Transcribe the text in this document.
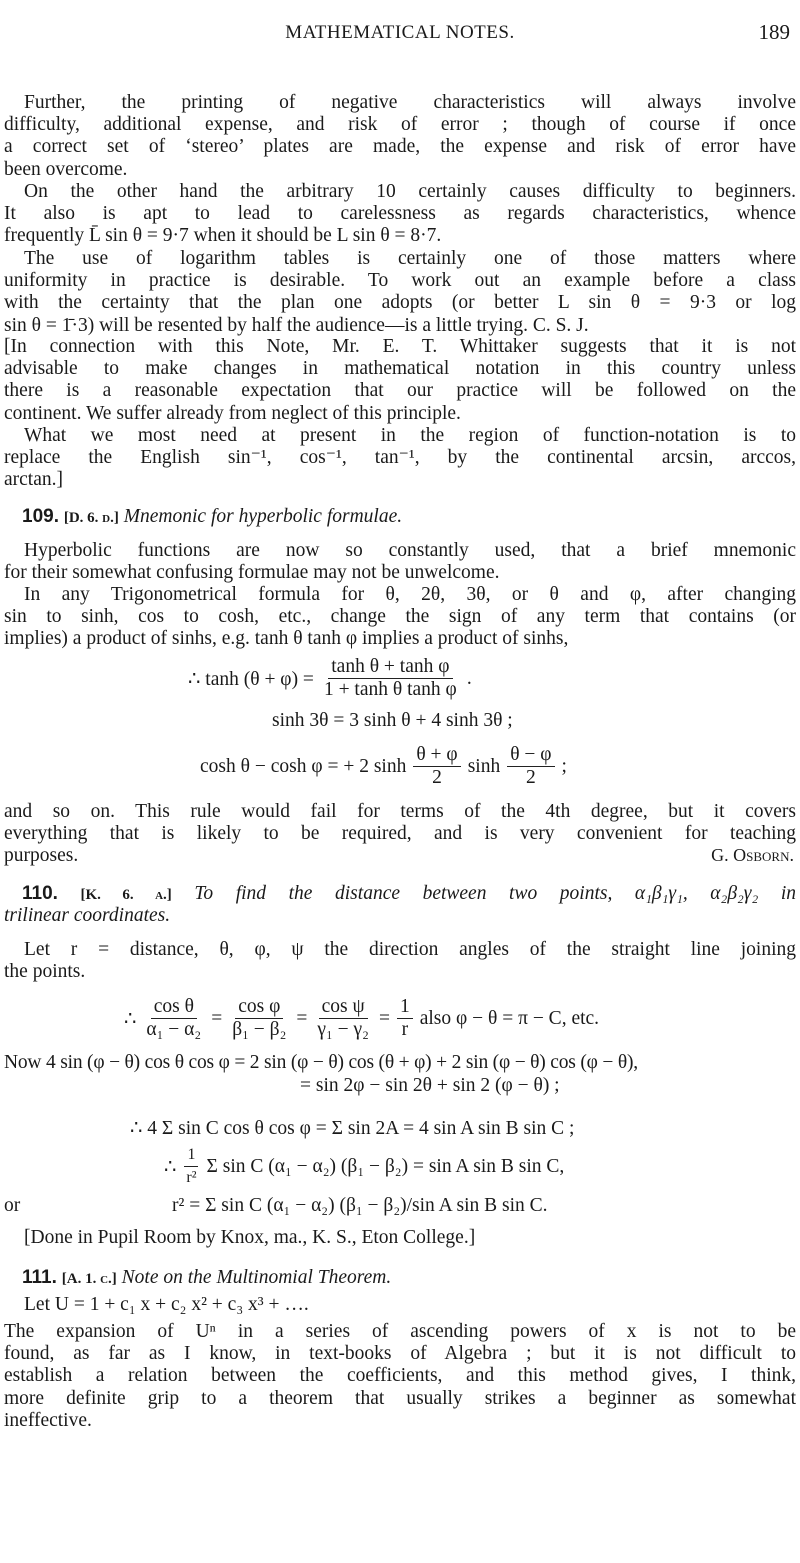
MATHEMATICAL NOTES.	189
Further, the printing of negative characteristics will always involve
difficulty, additional expense, and risk of error ; though of course if once
a correct set of ‘stereo’ plates are made, the expense and risk of error have
been overcome.
On the other hand the arbitrary 10 certainly causes difficulty to beginners.
It also is apt to lead to carelessness as regards characteristics, whence
frequently L̄ sin θ = 9·7 when it should be L sin θ = 8·7.
The use of logarithm tables is certainly one of those matters where
uniformity in practice is desirable. To work out an example before a class
with the certainty that the plan one adopts (or better L sin θ = 9·3 or log
sin θ = 1̄·3) will be resented by half the audience—is a little trying. C. S. J.
[In connection with this Note, Mr. E. T. Whittaker suggests that it is not
advisable to make changes in mathematical notation in this country unless
there is a reasonable expectation that our practice will be followed on the
continent. We suffer already from neglect of this principle.
What we most need at present in the region of function-notation is to
replace the English sin⁻¹, cos⁻¹, tan⁻¹, by the continental arcsin, arccos,
arctan.]
Hyperbolic functions are now so constantly used, that a brief mnemonic
for their somewhat confusing formulae may not be unwelcome.
In any Trigonometrical formula for θ, 2θ, 3θ, or θ and φ, after changing
sin to sinh, cos to cosh, etc., change the sign of any term that contains (or
implies) a product of sinhs, e.g. tanh θ tanh φ implies a product of sinhs,
and so on. This rule would fail for terms of the 4th degree, but it covers
everything that is likely to be required, and is very convenient for teaching
purposes.
Let r = distance, θ, φ, ψ the direction angles of the straight line joining
the points.
The expansion of Uⁿ in a series of ascending powers of x is not to be
found, as far as I know, in text-books of Algebra ; but it is not difficult to
establish a relation between the coefficients, and this method gives, I think,
more definite grip to a theorem that usually strikes a beginner as somewhat
ineffective.
109. [D. 6. d.] Mnemonic for hyperbolic formulae.
∴ $\tanh (\theta + \varphi) = \frac{\text{tanh θ + tanh φ}}{\text{1 + tanh θ tanh φ}}$ .
sinh 3θ = 3 sinh θ + 4 sinh 3θ ;
cosh θ − cosh φ = + 2 $\sinh \frac{\theta + \varphi}{2}$ $\sinh \frac{\theta - \varphi}{2}$ ;
G. Osborn.
110. [K. 6. a.] To find the distance between two points, α₁β₁γ₁, α₂β₂γ₂ in
trilinear coordinates.
∴ $\frac{\text{cos θ}}{\text{α₁ − α₂}} = \frac{\text{cos φ}}{\text{β₁ − β₂}} = \frac{\text{cos ψ}}{\text{γ₁ − γ₂}} = \frac{1}{r}$ also φ − θ = π − C, etc.
Now 4 sin (φ − θ) cos θ cos φ = 2 sin (φ − θ) cos (θ + φ) + 2 sin (φ − θ) cos (φ − θ),
= sin 2φ − sin 2θ + sin 2 (φ − θ) ;
∴ 4 Σ sin C cos θ cos φ = Σ sin 2A = 4 sin A sin B sin C ;
∴ $\frac{1}{\text{r²}}$ Σ sin C (α₁ − α₂) (β₁ − β₂) = sin A sin B sin C,
or	r² = Σ sin C (α₁ − α₂) (β₁ − β₂)/sin A sin B sin C.
[Done in Pupil Room by Knox, ma., K. S., Eton College.]
111. [A. 1. c.] Note on the Multinomial Theorem.
Let U = 1 + c₁ x + c₂ x² + c₃ x³ + ….
